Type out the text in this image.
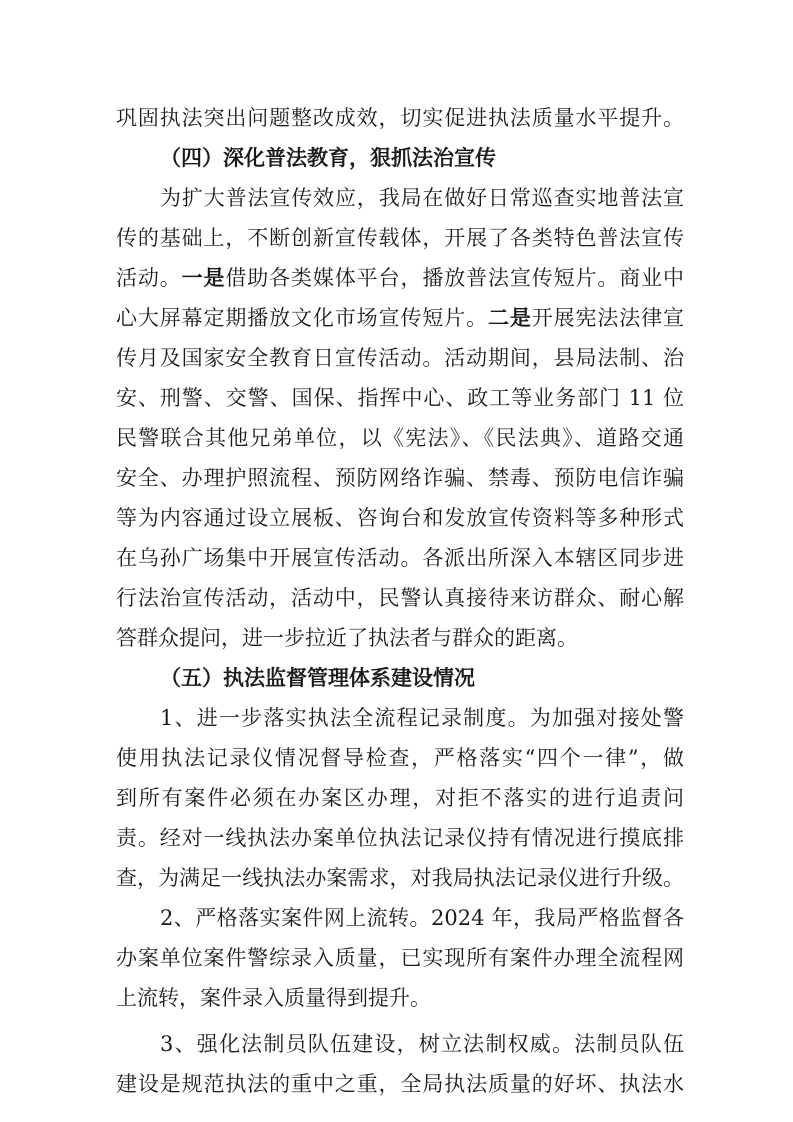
巩固执法突出问题整改成效，切实促进执法质量水平提升。
（四）深化普法教育，狠抓法治宣传
为扩大普法宣传效应，我局在做好日常巡查实地普法宣
传的基础上，不断创新宣传载体，开展了各类特色普法宣传
活动。一是借助各类媒体平台，播放普法宣传短片。商业中
心大屏幕定期播放文化市场宣传短片。二是开展宪法法律宣
传月及国家安全教育日宣传活动。活动期间，县局法制、治
安、刑警、交警、国保、指挥中心、政工等业务部门 11 位
民警联合其他兄弟单位，以《宪法》、《民法典》、道路交通
安全、办理护照流程、预防网络诈骗、禁毒、预防电信诈骗
等为内容通过设立展板、咨询台和发放宣传资料等多种形式
在乌孙广场集中开展宣传活动。各派出所深入本辖区同步进
行法治宣传活动，活动中，民警认真接待来访群众、耐心解
答群众提问，进一步拉近了执法者与群众的距离。
（五）执法监督管理体系建设情况
1、进一步落实执法全流程记录制度。为加强对接处警
使用执法记录仪情况督导检查，严格落实“四个一律”，做
到所有案件必须在办案区办理，对拒不落实的进行追责问
责。经对一线执法办案单位执法记录仪持有情况进行摸底排
查，为满足一线执法办案需求，对我局执法记录仪进行升级。
2、严格落实案件网上流转。2024 年，我局严格监督各
办案单位案件警综录入质量，已实现所有案件办理全流程网
上流转，案件录入质量得到提升。
3、强化法制员队伍建设，树立法制权威。法制员队伍
建设是规范执法的重中之重，全局执法质量的好坏、执法水
